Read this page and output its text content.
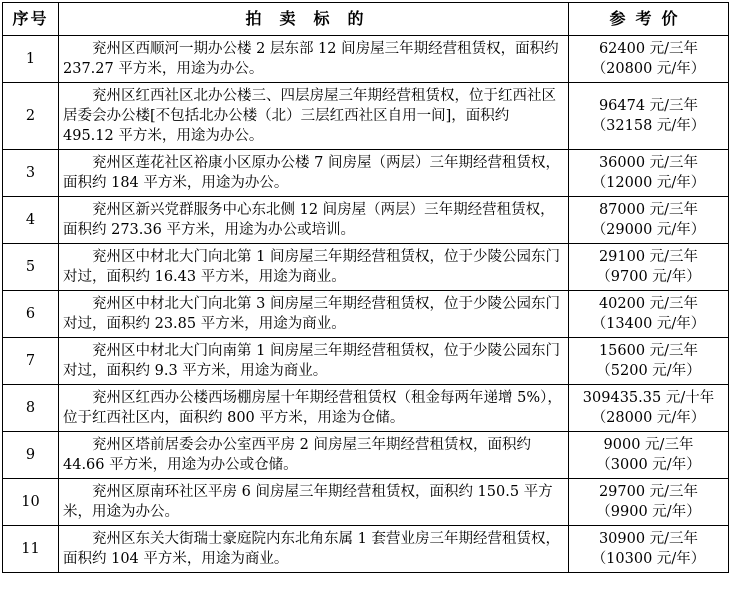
序号	拍卖标的	参考价
1	兖州区西顺河一期办公楼 2 层东部 12 间房屋三年期经营租赁权，面积约 237.27 平方米，用途为办公。	62400 元/三年
（20800 元/年）

2	兖州区红西社区北办公楼三、四层房屋三年期经营租赁权，位于红西社区居委会办公楼[不包括北办公楼（北）三层红西社区自用一间]，面积约 495.12 平方米，用途为办公。	96474 元/三年
（32158 元/年）

3	兖州区莲花社区裕康小区原办公楼 7 间房屋（两层）三年期经营租赁权，面积约 184 平方米，用途为办公。	36000 元/三年
（12000 元/年）

4	兖州区新兴党群服务中心东北侧 12 间房屋（两层）三年期经营租赁权，面积约 273.36 平方米，用途为办公或培训。	87000 元/三年
（29000 元/年）

5	兖州区中材北大门向北第 1 间房屋三年期经营租赁权，位于少陵公园东门对过，面积约 16.43 平方米，用途为商业。	29100 元/三年
（9700 元/年）

6	兖州区中材北大门向北第 3 间房屋三年期经营租赁权，位于少陵公园东门对过，面积约 23.85 平方米，用途为商业。	40200 元/三年
（13400 元/年）

7	兖州区中材北大门向南第 1 间房屋三年期经营租赁权，位于少陵公园东门对过，面积约 9.3 平方米，用途为商业。	15600 元/三年
（5200 元/年）

8	兖州区红西办公楼西场棚房屋十年期经营租赁权（租金每两年递增 5%），位于红西社区内，面积约 800 平方米，用途为仓储。	309435.35 元/十年
（28000 元/年）

9	兖州区塔前居委会办公室西平房 2 间房屋三年期经营租赁权，面积约 44.66 平方米，用途为办公或仓储。	9000 元/三年
（3000 元/年）

10	兖州区原南环社区平房 6 间房屋三年期经营租赁权，面积约 150.5 平方米，用途为办公。	29700 元/三年
（9900 元/年）

11	兖州区东关大街瑞士豪庭院内东北角东属 1 套营业房三年期经营租赁权，面积约 104 平方米，用途为商业。	30900 元/三年
（10300 元/年）
